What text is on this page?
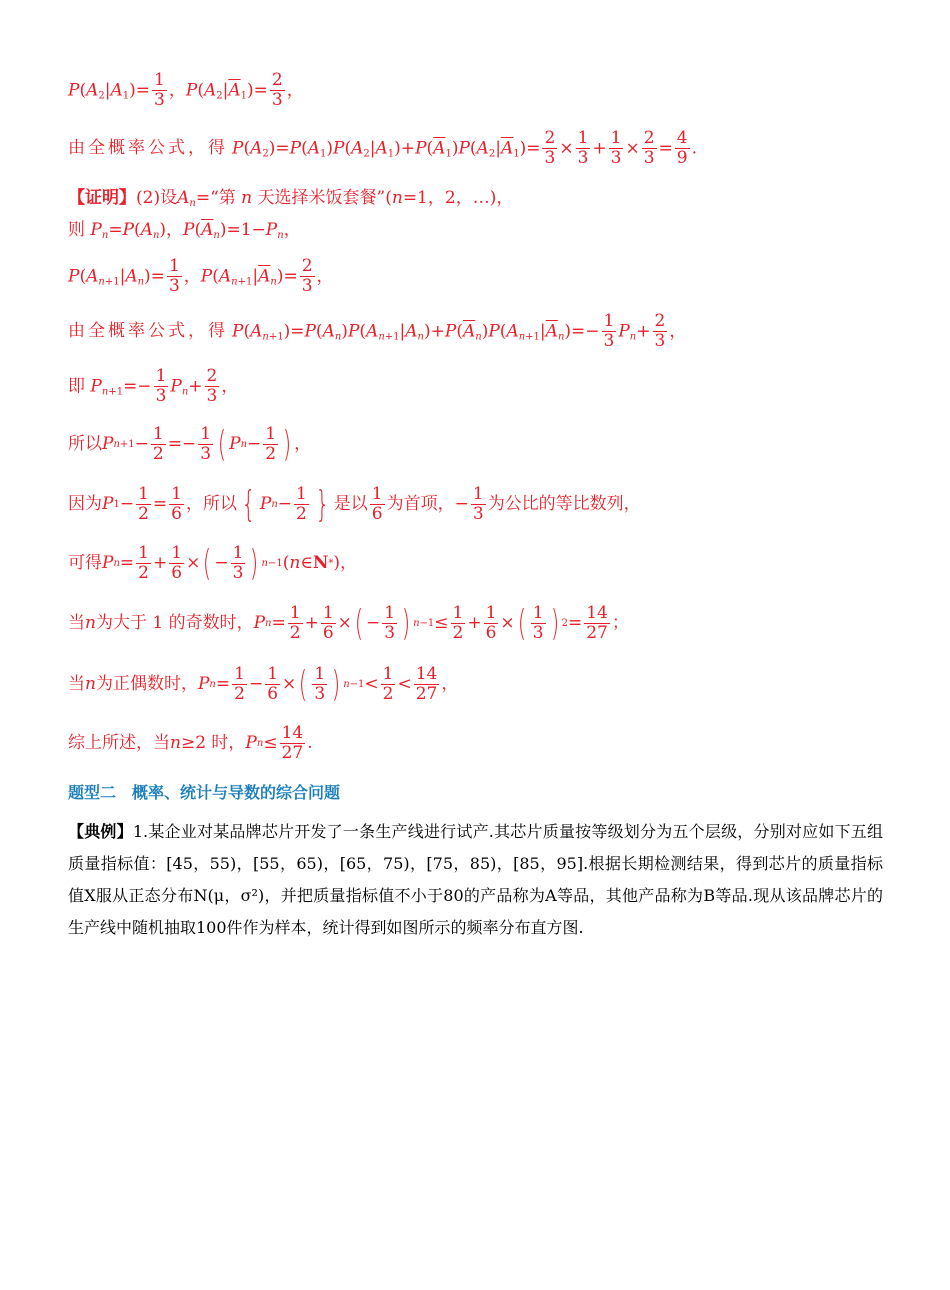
$P(A_2|A_1)= \frac{1}{3}$ ，$P(A_2|\overline{A}_1)= \frac{2}{3}$ ，
由全概率公式，得 $P(A_2)=P(A_1)P(A_2|A_1)+P(\overline{A}_1)P(A_2|\overline{A}_1)= \frac{2}{3} \times \frac{1}{3} + \frac{1}{3} \times \frac{2}{3} = \frac{4}{9}$ .
【证明】 (2)设$A_n=“$第 n 天选择米饭套餐”(n=1，2，…)，
则 $P_n=P(A_n)$，$P(\overline{A}_n)=1-P_n$，
$P(A_{n+1}|A_n)= \frac{1}{3}$ ，$P(A_{n+1}|\overline{A}_n)= \frac{2}{3}$ ，
由全概率公式，得 $P(A_{n+1})=P(A_n)P(A_{n+1}|A_n)+P(\overline{A}_n)P(A_{n+1}|\overline{A}_n)=- \frac{1}{3} P_n+ \frac{2}{3}$ ，
即 $P_{n+1}=- \frac{1}{3} P_n+ \frac{2}{3}$ ，
所以 P $n+1 - \frac{1}{2} =- \frac{1}{3}$ ( P $n - \frac{1}{2}$ ) ，
因为 P $1 - \frac{1}{2} = \frac{1}{6}$ ，所以 { P $n - \frac{1}{2}$ } 是以 $\frac{1}{6}$ 为首项，− $\frac{1}{3}$ 为公比的等比数列，
可得 P $n = \frac{1}{2} + \frac{1}{6}$ × ( − $\frac{1}{3}$ ) n−1 ( n ∈ N * )，
当 n 为大于 1 的奇数时， P $n = \frac{1}{2} + \frac{1}{6}$ × ( − $\frac{1}{3}$ ) $n-1 \le \frac{1}{2} + \frac{1}{6}$ × ( $\frac{1}{3}$ ) $2 = \frac{14}{27}$ ；
当 n 为正偶数时， P $n = \frac{1}{2} - \frac{1}{6}$ × ( $\frac{1}{3}$ ) $n-1 < \frac{1}{2} < \frac{14}{27}$ ，
综上所述，当 n ≥2 时， P $n \le \frac{14}{27}$ .
题型二　概率、统计与导数的综合问题
【典例】1.某企业对某品牌芯片开发了一条生产线进行试产.其芯片质量按等级划分为五个层级，分别对应如下五组质量指标值：[45，55)，[55，65)，[65，75)，[75，85)，[85，95].根据长期检测结果，得到芯片的质量指标值X服从正态分布N(μ，σ²)，并把质量指标值不小于80的产品称为A等品，其他产品称为B等品.现从该品牌芯片的生产线中随机抽取100件作为样本，统计得到如图所示的频率分布直方图.
